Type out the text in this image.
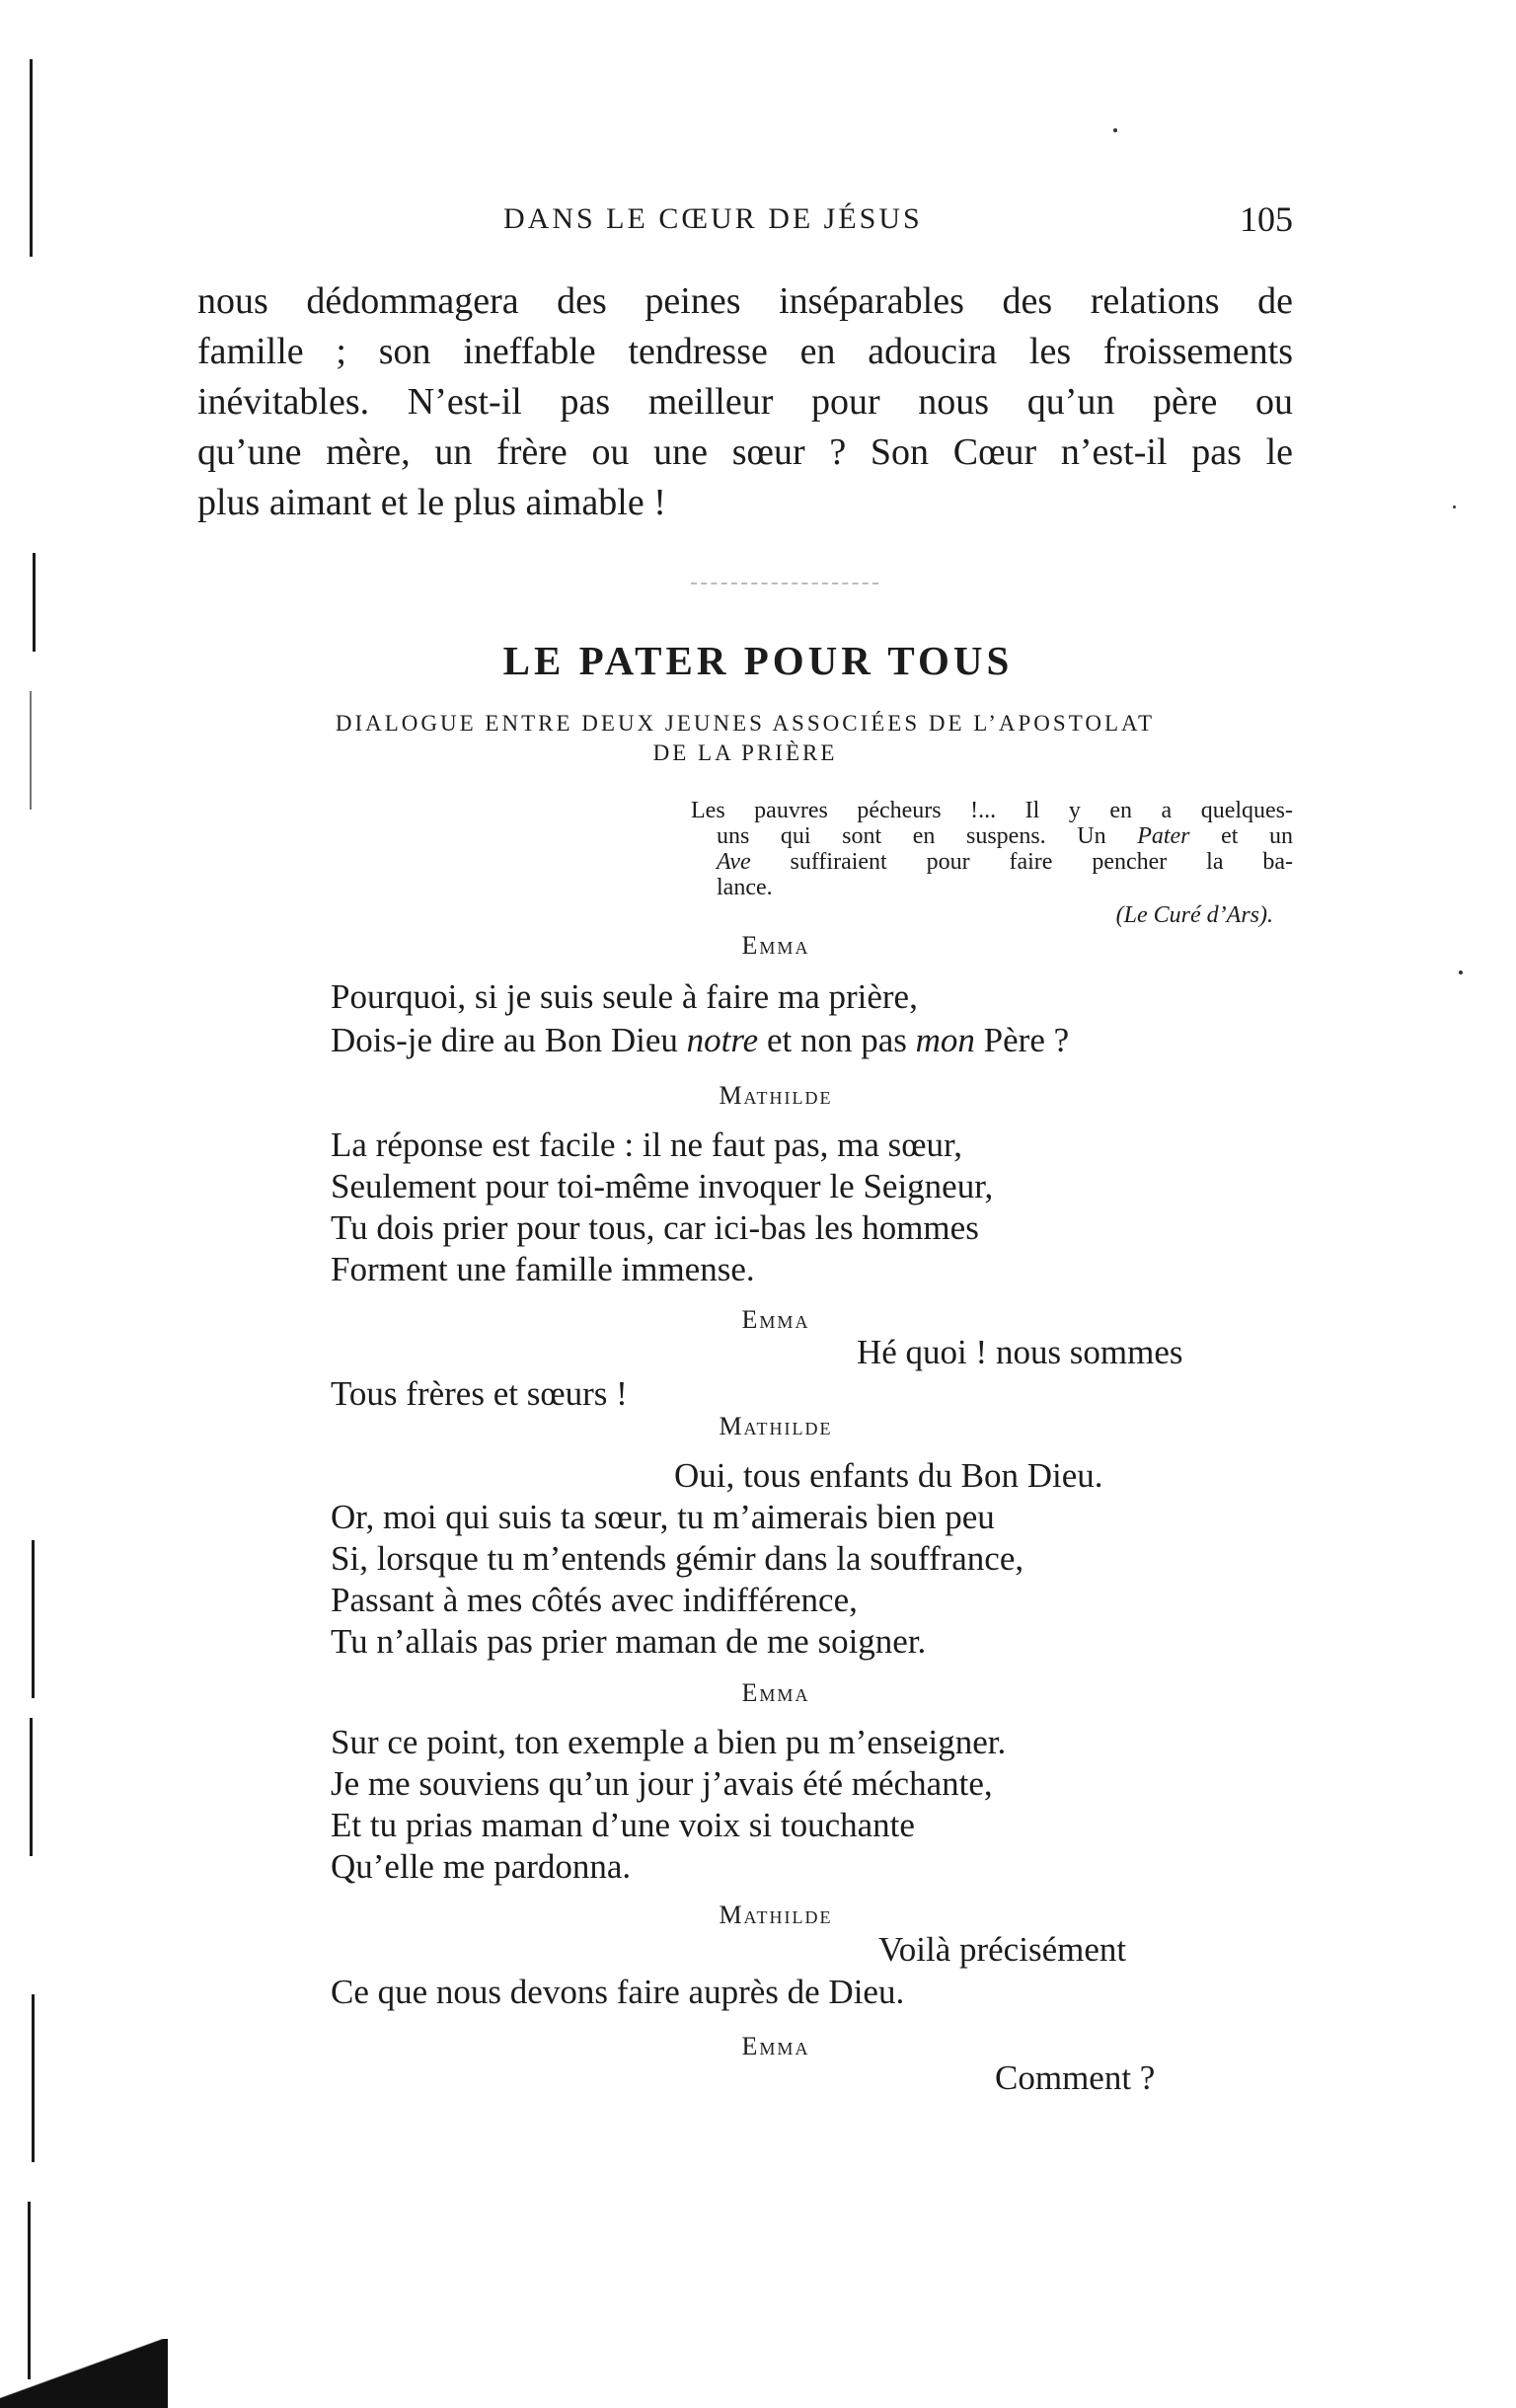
DANS LE CŒUR DE JÉSUS	105

nous dédommagera des peines inséparables des relations de
famille ; son ineffable tendresse en adoucira les froissements
inévitables. N’est-il pas meilleur pour nous qu’un père ou
qu’une mère, un frère ou une sœur ? Son Cœur n’est-il pas le
plus aimant et le plus aimable !

LE PATER POUR TOUS

DIALOGUE ENTRE DEUX JEUNES ASSOCIÉES DE L’APOSTOLAT
DE LA PRIÈRE

Les pauvres pécheurs !... Il y en a quelques-
uns qui sont en suspens. Un Pater et un
Ave suffiraient pour faire pencher la ba-
lance.
(Le Curé d’Ars).

Emma
Pourquoi, si je suis seule à faire ma prière,
Dois-je dire au Bon Dieu notre et non pas mon Père ?
Mathilde
La réponse est facile : il ne faut pas, ma sœur,
Seulement pour toi-même invoquer le Seigneur,
Tu dois prier pour tous, car ici-bas les hommes
Forment une famille immense.
Emma
Hé quoi ! nous sommes
Tous frères et sœurs !
Mathilde
Oui, tous enfants du Bon Dieu.
Or, moi qui suis ta sœur, tu m’aimerais bien peu
Si, lorsque tu m’entends gémir dans la souffrance,
Passant à mes côtés avec indifférence,
Tu n’allais pas prier maman de me soigner.
Emma
Sur ce point, ton exemple a bien pu m’enseigner.
Je me souviens qu’un jour j’avais été méchante,
Et tu prias maman d’une voix si touchante
Qu’elle me pardonna.
Mathilde
Voilà précisément
Ce que nous devons faire auprès de Dieu.
Emma
Comment ?
